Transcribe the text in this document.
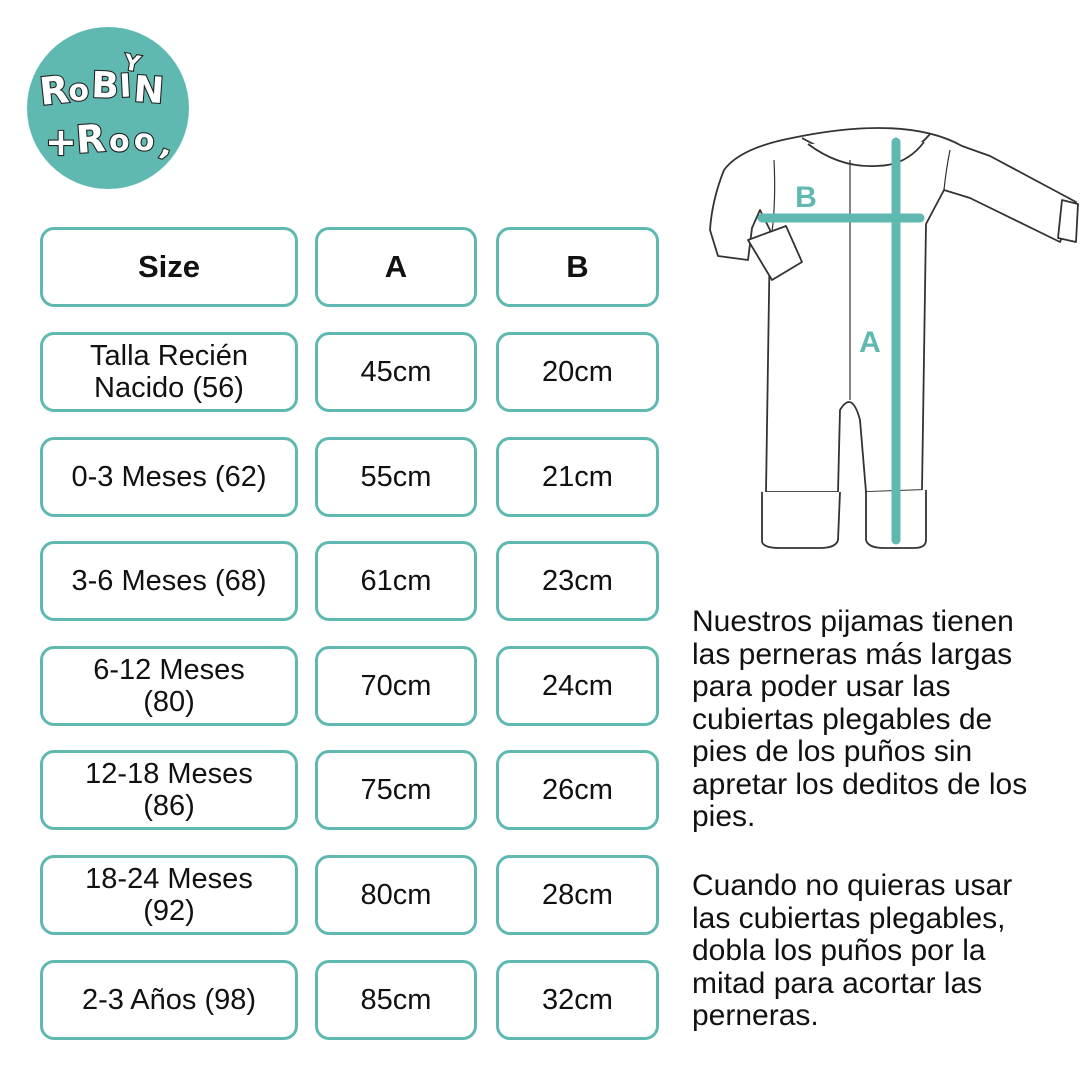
R
o B
I N
Y
+
R o o ,
Size	A	B
Talla Recién
Nacido (56)	45cm	20cm
0-3 Meses (62)	55cm	21cm
3-6 Meses (68)	61cm	23cm
6-12 Meses
(80)	70cm	24cm
12-18 Meses
(86)	75cm	26cm
18-24 Meses
(92)	80cm	28cm
2-3 Años (98)	85cm	32cm
B
A
Nuestros pijamas tienen
las perneras más largas
para poder usar las
cubiertas plegables de
pies de los puños sin
apretar los deditos de los
pies.
Cuando no quieras usar
las cubiertas plegables,
dobla los puños por la
mitad para acortar las
perneras.
